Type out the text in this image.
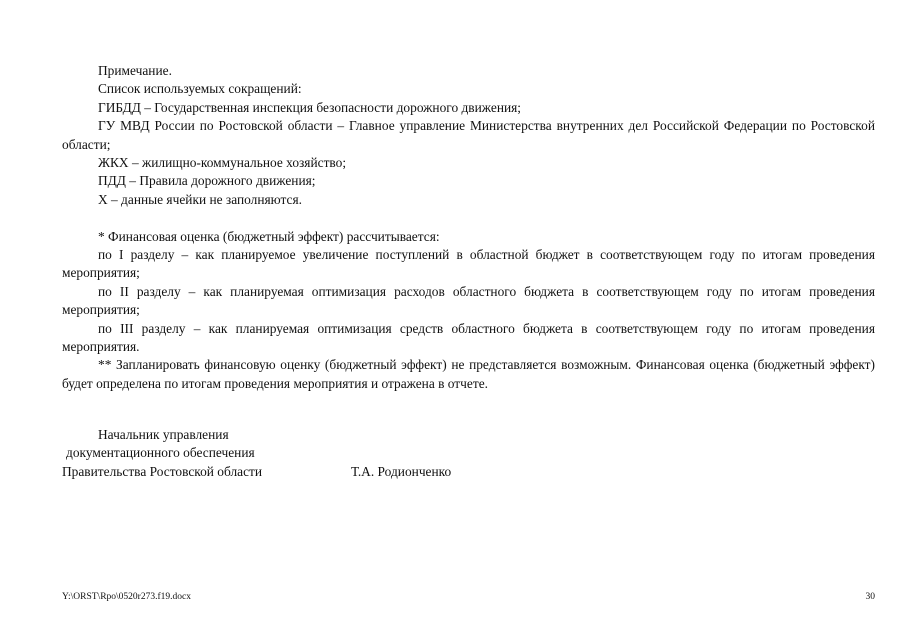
Примечание.

Список используемых сокращений:

ГИБДД – Государственная инспекция безопасности дорожного движения;

ГУ МВД России по Ростовской области – Главное управление Министерства внутренних дел Российской Федерации по Ростовской области;

ЖКХ – жилищно-коммунальное хозяйство;

ПДД – Правила дорожного движения;

Х – данные ячейки не заполняются.

* Финансовая оценка (бюджетный эффект) рассчитывается:

по I разделу – как планируемое увеличение поступлений в областной бюджет в соответствующем году по итогам проведения мероприятия;

по II разделу – как планируемая оптимизация расходов областного бюджета в соответствующем году по итогам проведения мероприятия;

по III разделу – как планируемая оптимизация средств областного бюджета в соответствующем году по итогам проведения мероприятия.

** Запланировать финансовую оценку (бюджетный эффект) не представляется возможным. Финансовая оценка (бюджетный эффект) будет определена по итогам проведения мероприятия и отражена в отчете.

Начальник управления
документационного обеспечения
Правительства Ростовской области	Т.А. Родионченко
Y:\ORST\Rpo\0520r273.f19.docx	30
